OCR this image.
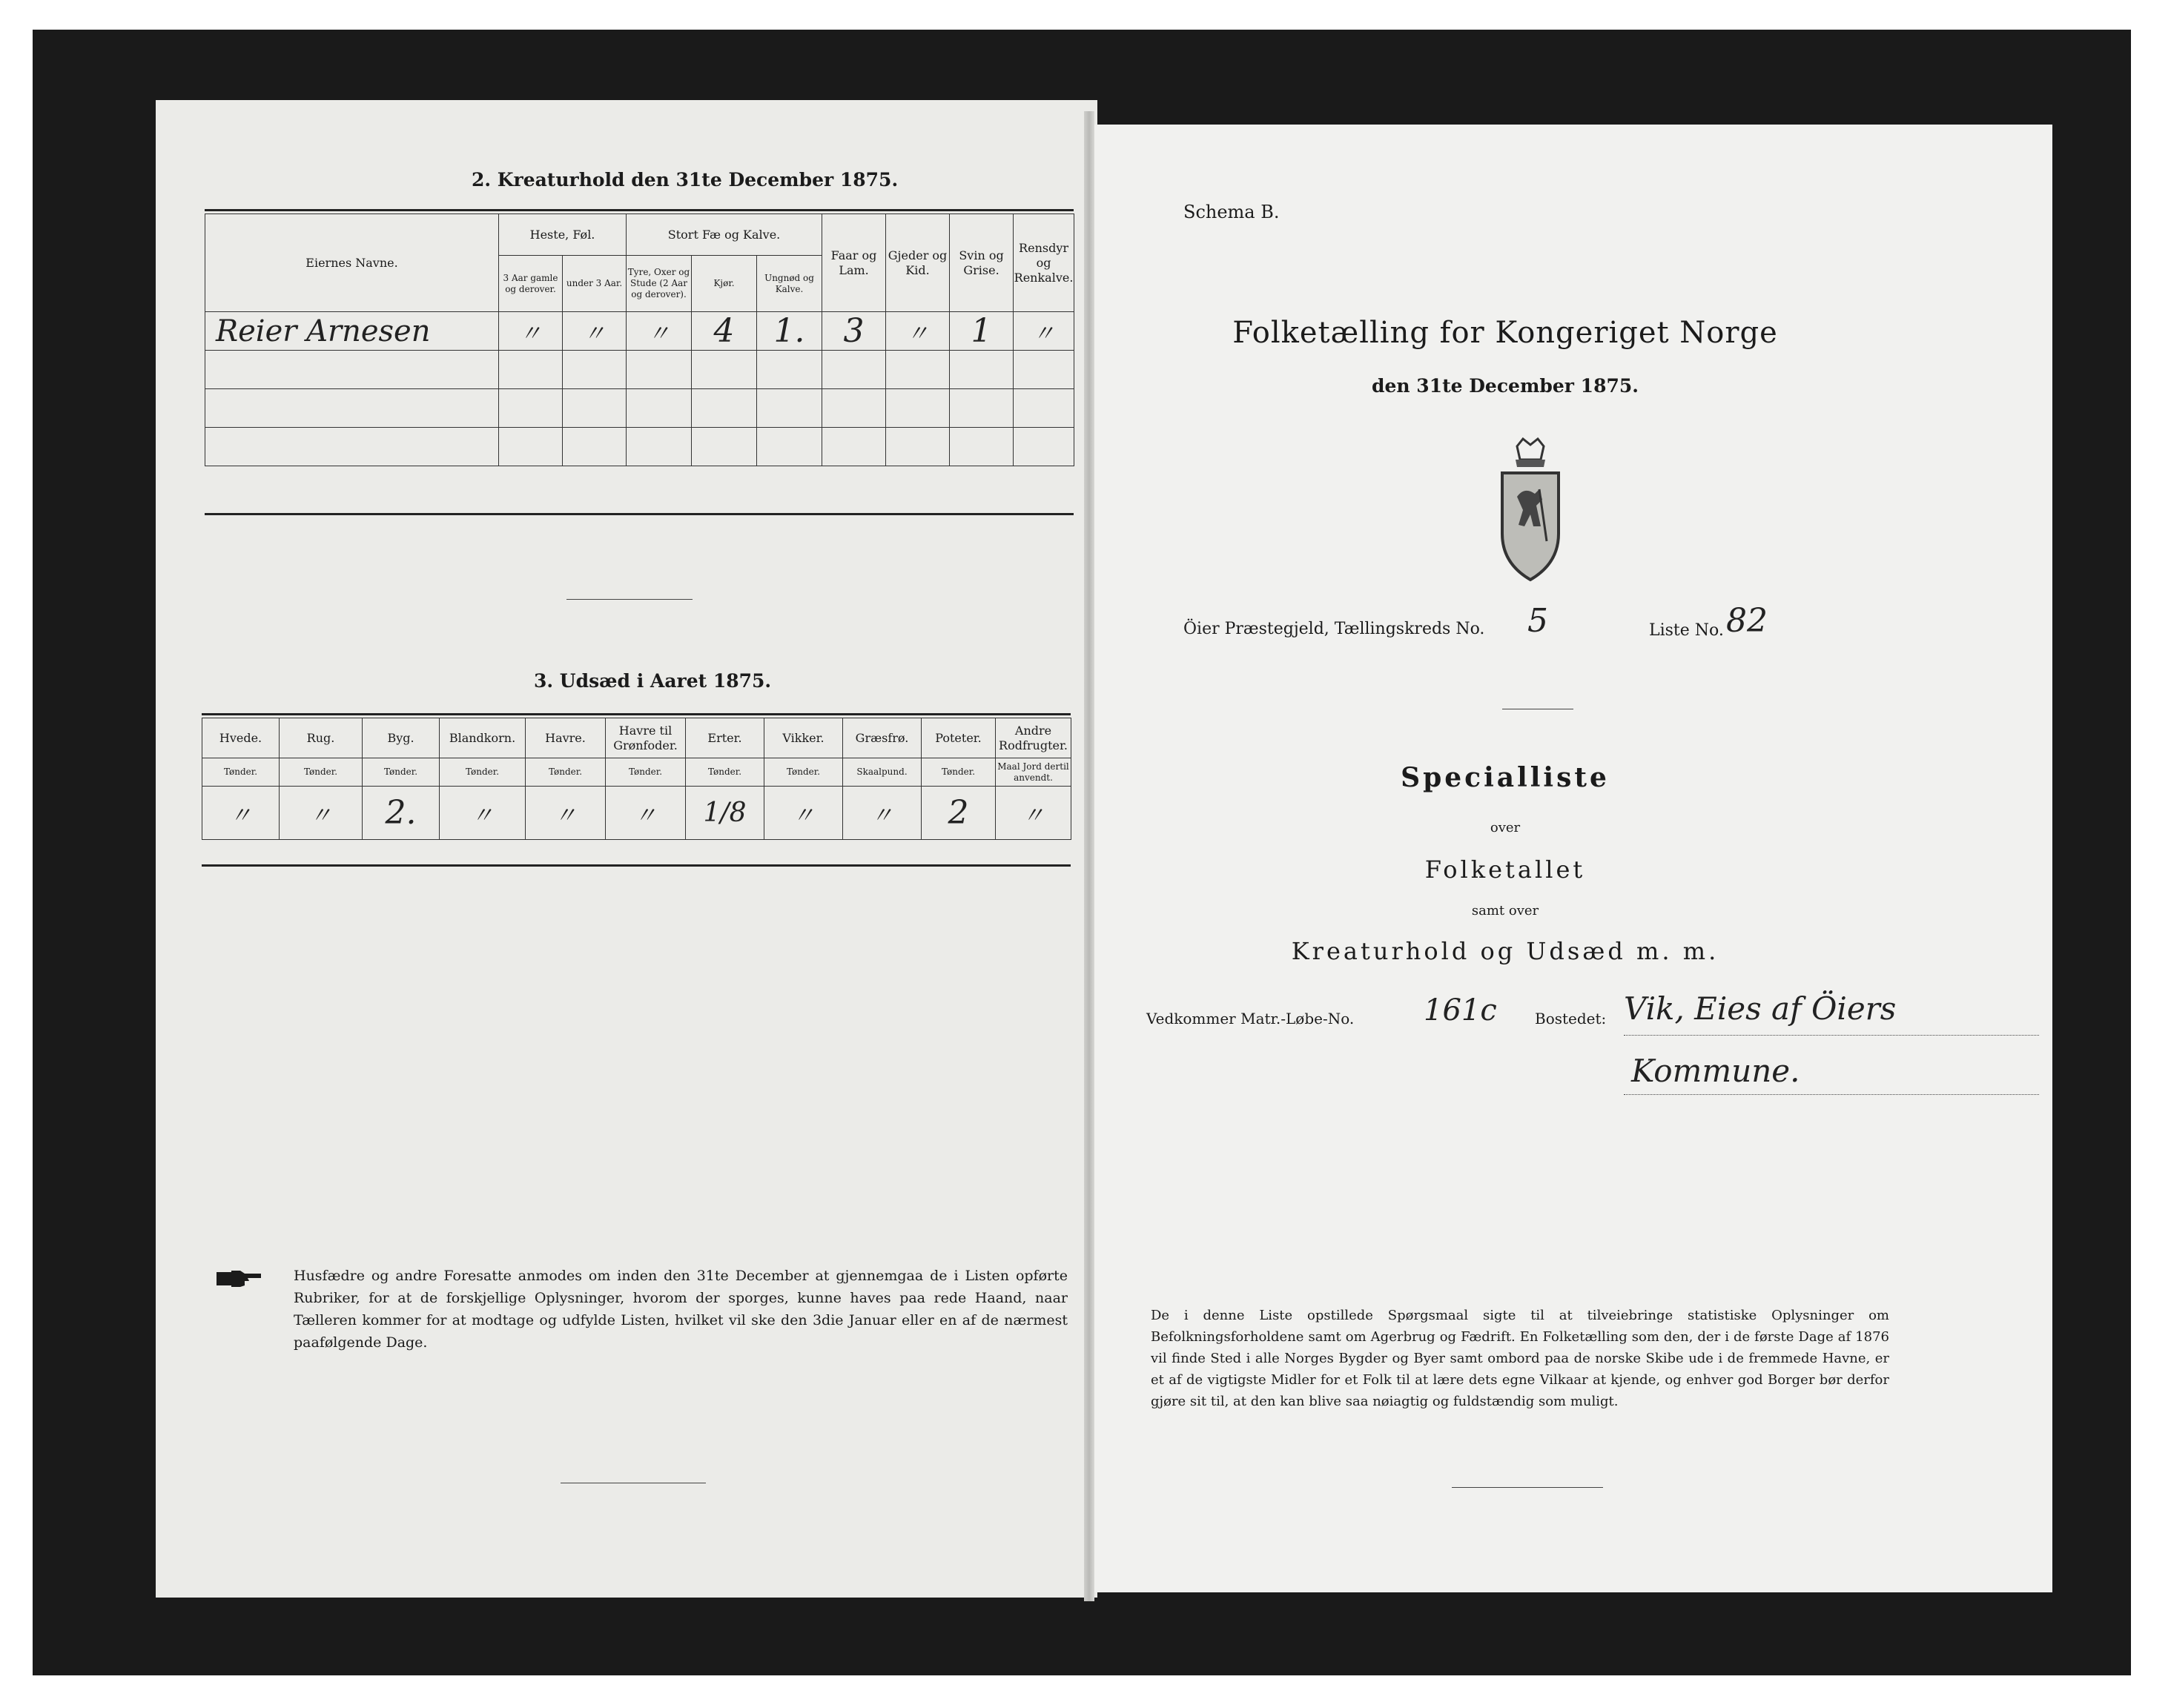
2. Kreaturhold den 31te December 1875.
Eiernes Navne.	Heste, Føl.		Stort Fæ og Kalve.			Faar og Lam.	Gjeder og Kid.	Svin og Grise.	Rensdyr og Renkalve.
	3 Aar gamle og derover.	under 3 Aar.	Tyre, Oxer og Stude (2 Aar og derover).	Kjør.	Ungnød og Kalve.				
Reier Arnesen	〃	〃	〃	4	1.	3	〃	1	〃

3. Udsæd i Aaret 1875.
Hvede.	Rug.	Byg.	Blandkorn.	Havre.	Havre til Grønfoder.	Erter.	Vikker.	Græsfrø.	Poteter.	Andre Rodfrugter.
Tønder.	Tønder.	Tønder.	Tønder.	Tønder.	Tønder.	Tønder.	Tønder.	Skaalpund.	Tønder.	Maal Jord dertil anvendt.
〃	〃	2.	〃	〃	〃	1/8	〃	〃	2	〃
Husfædre og andre Foresatte anmodes om inden den 31te December at gjennemgaa de i Listen opførte Rubriker, for at de forskjellige Oplysninger, hvorom der sporges, kunne haves paa rede Haand, naar Tælleren kommer for at modtage og udfylde Listen, hvilket vil ske den 3die Januar eller en af de nærmest paafølgende Dage.
Schema B.
Folketælling for Kongeriget Norge
den 31te December 1875.
Öier Præstegjeld, Tællingskreds No. 5	Liste No. 82
Specialliste
over
Folketallet
samt over
Kreaturhold og Udsæd m. m.
Vedkommer Matr.-Løbe-No. 161c	Bostedet: Vik, Eies af Öiers
Kommune.
De i denne Liste opstillede Spørgsmaal sigte til at tilveiebringe statistiske Oplysninger om Befolkningsforholdene samt om Agerbrug og Fædrift. En Folketælling som den, der i de første Dage af 1876 vil finde Sted i alle Norges Bygder og Byer samt ombord paa de norske Skibe ude i de fremmede Havne, er et af de vigtigste Midler for et Folk til at lære dets egne Vilkaar at kjende, og enhver god Borger bør derfor gjøre sit til, at den kan blive saa nøiagtig og fuldstændig som muligt.
